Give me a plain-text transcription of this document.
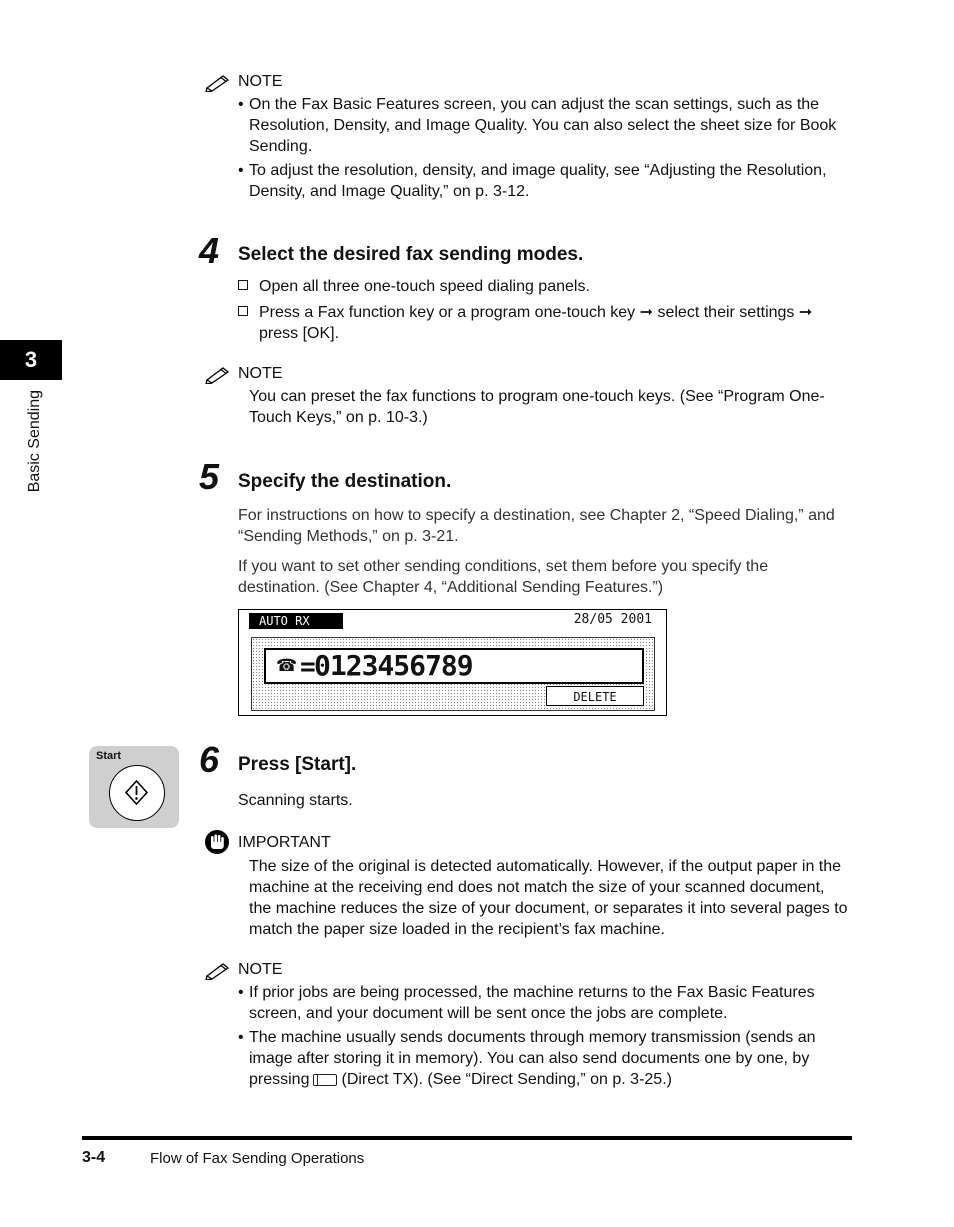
3
Basic Sending
NOTE
• On the Fax Basic Features screen, you can adjust the scan settings, such as the Resolution, Density, and Image Quality. You can also select the sheet size for Book Sending.
• To adjust the resolution, density, and image quality, see “Adjusting the Resolution, Density, and Image Quality,” on p. 3-12.
4 Select the desired fax sending modes.
Open all three one-touch speed dialing panels.
Press a Fax function key or a program one-touch key ➞ select their settings ➞ press [OK].
NOTE
You can preset the fax functions to program one-touch keys. (See “Program One-Touch Keys,” on p. 10-3.)
5 Specify the destination.
For instructions on how to specify a destination, see Chapter 2, “Speed Dialing,” and “Sending Methods,” on p. 3-21.
If you want to set other sending conditions, set them before you specify the destination. (See Chapter 4, “Additional Sending Features.”)
AUTO RX	28/05 2001
☎ =
0123456789
DELETE
Start 6 Press [Start].
Scanning starts.
IMPORTANT
The size of the original is detected automatically. However, if the output paper in the machine at the receiving end does not match the size of your scanned document, the machine reduces the size of your document, or separates it into several pages to match the paper size loaded in the recipient’s fax machine.
NOTE
• If prior jobs are being processed, the machine returns to the Fax Basic Features screen, and your document will be sent once the jobs are complete.
• The machine usually sends documents through memory transmission (sends an image after storing it in memory). You can also send documents one by one, by pressing (Direct TX). (See “Direct Sending,” on p. 3-25.)
3-4	Flow of Fax Sending Operations
